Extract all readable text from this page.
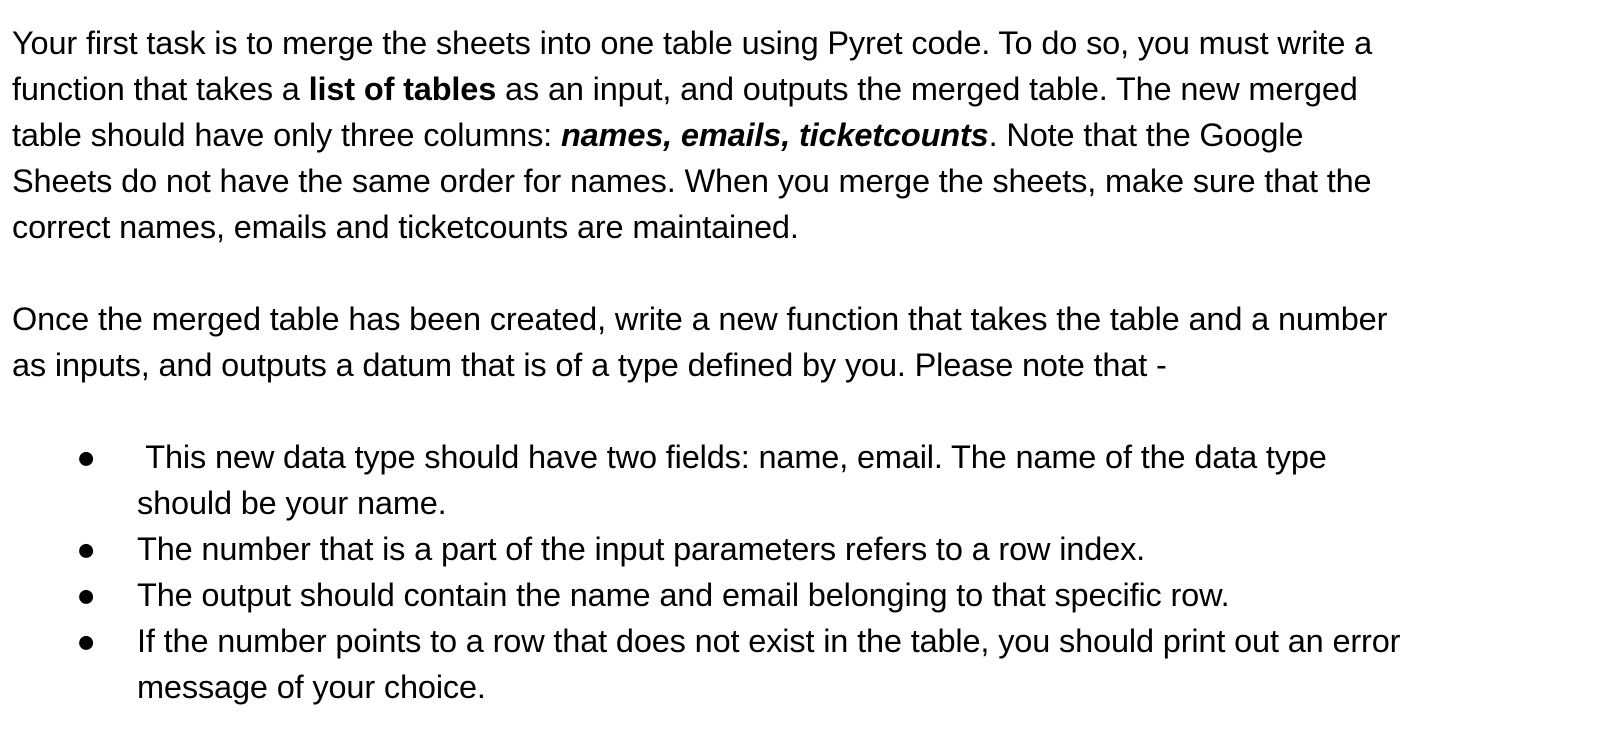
Your first task is to merge the sheets into one table using Pyret code. To do so, you must write a
function that takes a list of tables as an input, and outputs the merged table. The new merged
table should have only three columns: names, emails, ticketcounts. Note that the Google
Sheets do not have the same order for names. When you merge the sheets, make sure that the
correct names, emails and ticketcounts are maintained.
Once the merged table has been created, write a new function that takes the table and a number
as inputs, and outputs a datum that is of a type defined by you. Please note that -
● This new data type should have two fields: name, email. The name of the data type
should be your name.
● The number that is a part of the input parameters refers to a row index.
● The output should contain the name and email belonging to that specific row.
● If the number points to a row that does not exist in the table, you should print out an error
message of your choice.
